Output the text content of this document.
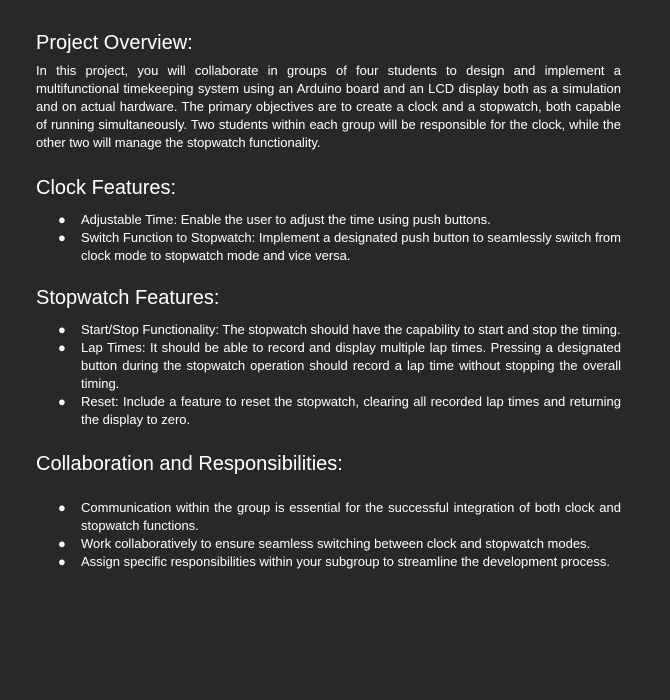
Project Overview:

In this project, you will collaborate in groups of four students to design and implement a multifunctional timekeeping system using an Arduino board and an LCD display both as a simulation and on actual hardware. The primary objectives are to create a clock and a stopwatch, both capable of running simultaneously. Two students within each group will be responsible for the clock, while the other two will manage the stopwatch functionality.

Clock Features:
● Adjustable Time: Enable the user to adjust the time using push buttons.
● Switch Function to Stopwatch: Implement a designated push button to seamlessly switch from clock mode to stopwatch mode and vice versa.
Stopwatch Features:
● Start/Stop Functionality: The stopwatch should have the capability to start and stop the timing.
● Lap Times: It should be able to record and display multiple lap times. Pressing a designated button during the stopwatch operation should record a lap time without stopping the overall timing.
● Reset: Include a feature to reset the stopwatch, clearing all recorded lap times and returning the display to zero.
Collaboration and Responsibilities:
● Communication within the group is essential for the successful integration of both clock and stopwatch functions.
● Work collaboratively to ensure seamless switching between clock and stopwatch modes.
● Assign specific responsibilities within your subgroup to streamline the development process.
